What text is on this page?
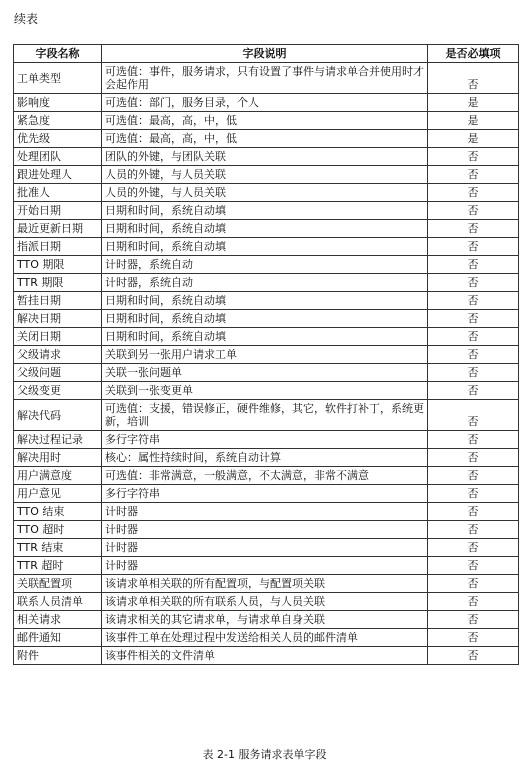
续表
字段名称	字段说明	是否必填项
工单类型	可选值：事件，服务请求，只有设置了事件与请求单合并使用时才会起作用	否
影响度	可选值：部门，服务目录，个人	是
紧急度	可选值：最高，高，中，低	是
优先级	可选值：最高，高，中，低	是
处理团队	团队的外键，与团队关联	否
跟进处理人	人员的外键，与人员关联	否
批准人	人员的外键，与人员关联	否
开始日期	日期和时间，系统自动填	否
最近更新日期	日期和时间，系统自动填	否
指派日期	日期和时间，系统自动填	否
TTO 期限	计时器，系统自动	否
TTR 期限	计时器，系统自动	否
暂挂日期	日期和时间，系统自动填	否
解决日期	日期和时间，系统自动填	否
关闭日期	日期和时间，系统自动填	否
父级请求	关联到另一张用户请求工单	否
父级问题	关联一张问题单	否
父级变更	关联到一张变更单	否
解决代码	可选值：支援，错误修正，硬件维修，其它，软件打补丁，系统更新，培训	否
解决过程记录	多行字符串	否
解决用时	核心：属性持续时间，系统自动计算	否
用户满意度	可选值：非常满意，一般满意，不太满意，非常不满意	否
用户意见	多行字符串	否
TTO 结束	计时器	否
TTO 超时	计时器	否
TTR 结束	计时器	否
TTR 超时	计时器	否
关联配置项	该请求单相关联的所有配置项，与配置项关联	否
联系人员清单	该请求单相关联的所有联系人员，与人员关联	否
相关请求	该请求相关的其它请求单，与请求单自身关联	否
邮件通知	该事件工单在处理过程中发送给相关人员的邮件清单	否
附件	该事件相关的文件清单	否
表 2-1 服务请求表单字段
